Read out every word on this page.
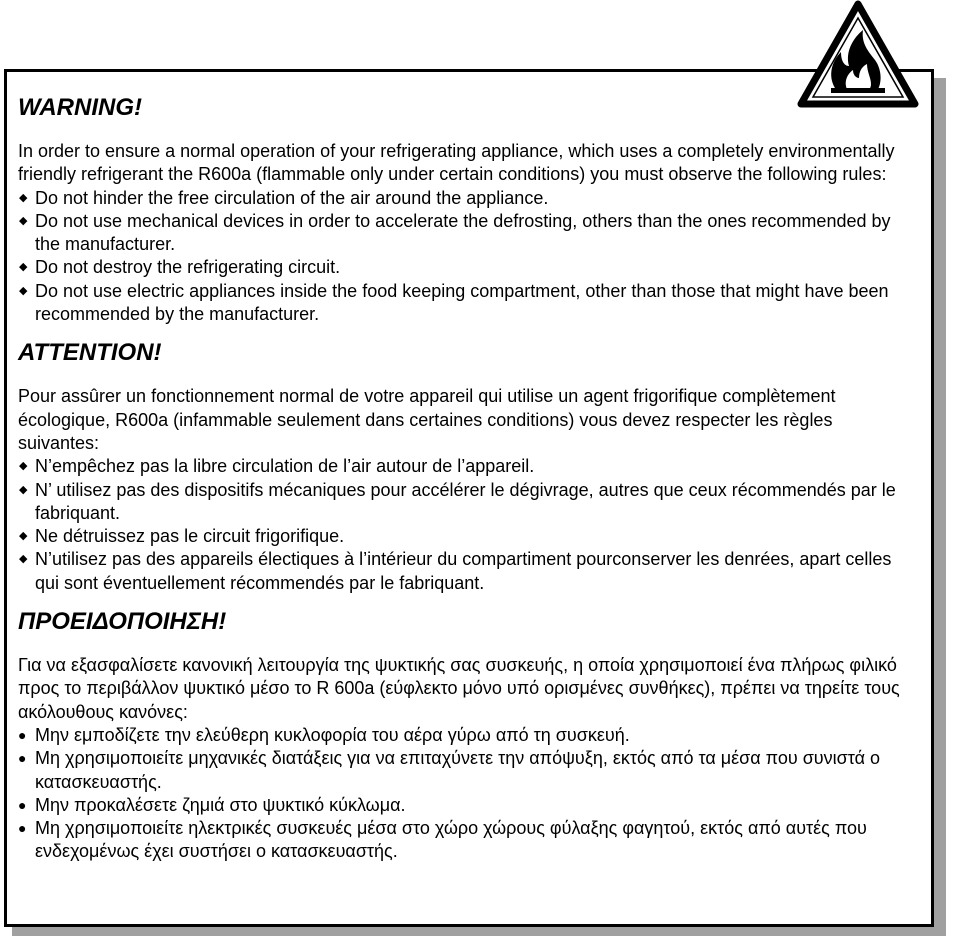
WARNING!

In order to ensure a normal operation of your refrigerating appliance, which uses a completely environmentally friendly refrigerant the R600a (flammable only under certain conditions) you must observe the following rules:

◆ Do not hinder the free circulation of the air around the appliance.
◆ Do not use mechanical devices in order to accelerate the defrosting, others than the ones recommended by the manufacturer.
◆ Do not destroy the refrigerating circuit.
◆ Do not use electric appliances inside the food keeping compartment, other than those that might have been recommended by the manufacturer.
ATTENTION!

Pour assûrer un fonctionnement normal de votre appareil qui utilise un agent frigorifique complètement écologique, R600a (infammable seulement dans certaines conditions) vous devez respecter les règles suivantes:

◆ N’empêchez pas la libre circulation de l’air autour de l’appareil.
◆ N’ utilisez pas des dispositifs mécaniques pour accélérer le dégivrage, autres que ceux récommendés par le fabriquant.
◆ Ne détruissez pas le circuit frigorifique.
◆ N’utilisez pas des appareils électiques à l’intérieur du compartiment pourconserver les denrées, apart celles qui sont éventuellement récommendés par le fabriquant.
ΠΡΟΕΙΔΟΠΟΙΗΣΗ!

Για να εξασφαλίσετε κανονική λειτουργία της ψυκτικής σας συσκευής, η οποία χρησιμοποιεί ένα πλήρως φιλικό προς το περιβάλλον ψυκτικό μέσο το R 600a (εύφλεκτο μόνο υπό ορισμένες συνθήκες), πρέπει να τηρείτε τους ακόλουθους κανόνες:

● Μην εμποδίζετε την ελεύθερη κυκλοφορία του αέρα γύρω από τη συσκευή.
● Μη χρησιμοποιείτε μηχανικές διατάξεις για να επιταχύνετε την απόψυξη, εκτός από τα μέσα που συνιστά ο κατασκευαστής.
● Μην προκαλέσετε ζημιά στο ψυκτικό κύκλωμα.
● Μη χρησιμοποιείτε ηλεκτρικές συσκευές μέσα στο χώρο χώρους φύλαξης φαγητού, εκτός από αυτές που ενδεχομένως έχει συστήσει ο κατασκευαστής.
